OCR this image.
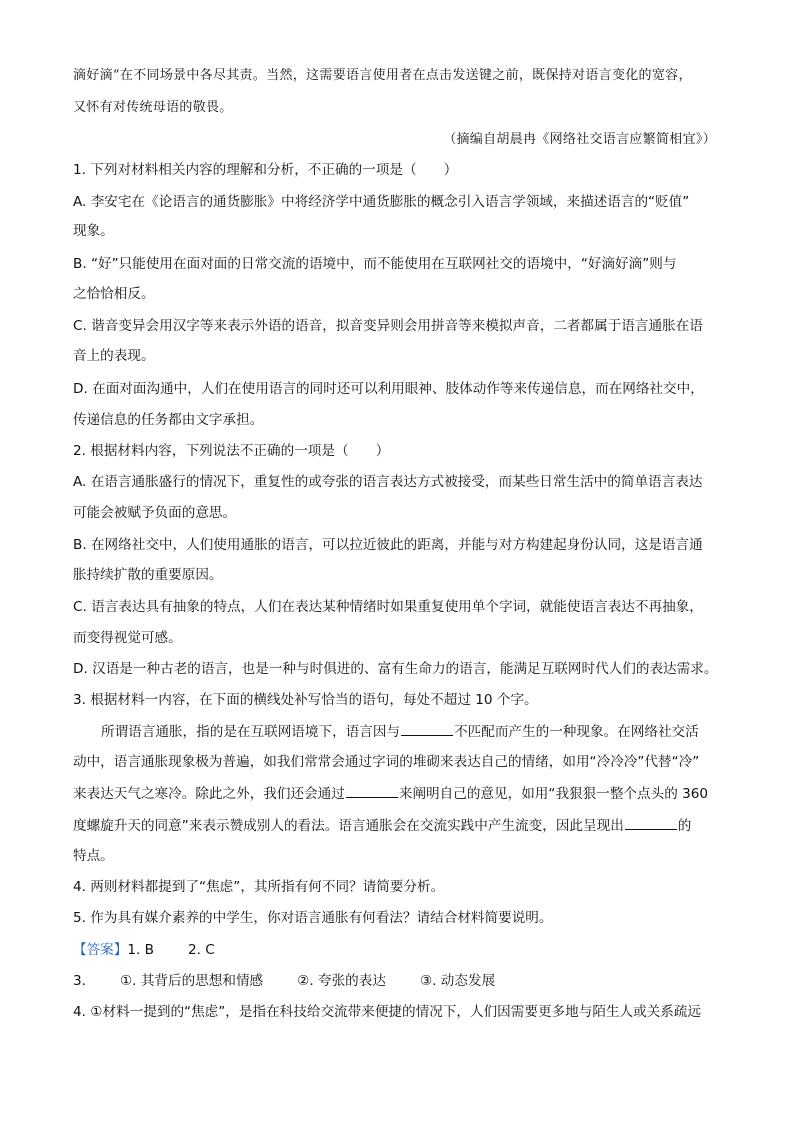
滴好滴”在不同场景中各尽其责。当然，这需要语言使用者在点击发送键之前，既保持对语言变化的宽容，
又怀有对传统母语的敬畏。
（摘编自胡晨冉《网络社交语言应繁简相宜》）
1. 下列对材料相关内容的理解和分析，不正确的一项是（　　）
A. 李安宅在《论语言的通货膨胀》中将经济学中通货膨胀的概念引入语言学领域，来描述语言的“贬值”
现象。
B. “好”只能使用在面对面的日常交流的语境中，而不能使用在互联网社交的语境中，“好滴好滴”则与
之恰恰相反。
C. 谐音变异会用汉字等来表示外语的语音，拟音变异则会用拼音等来模拟声音，二者都属于语言通胀在语
音上的表现。
D. 在面对面沟通中，人们在使用语言的同时还可以利用眼神、肢体动作等来传递信息，而在网络社交中，
传递信息的任务都由文字承担。
2. 根据材料内容，下列说法不正确的一项是（　　）
A. 在语言通胀盛行的情况下，重复性的或夸张的语言表达方式被接受，而某些日常生活中的简单语言表达
可能会被赋予负面的意思。
B. 在网络社交中，人们使用通胀的语言，可以拉近彼此的距离，并能与对方构建起身份认同，这是语言通
胀持续扩散的重要原因。
C. 语言表达具有抽象的特点，人们在表达某种情绪时如果重复使用单个字词，就能使语言表达不再抽象，
而变得视觉可感。
D. 汉语是一种古老的语言，也是一种与时俱进的、富有生命力的语言，能满足互联网时代人们的表达需求。
3. 根据材料一内容，在下面的横线处补写恰当的语句，每处不超过 10 个字。
所谓语言通胀，指的是在互联网语境下，语言因与	不匹配而产生的一种现象。在网络社交活
动中，语言通胀现象极为普遍，如我们常常会通过字词的堆砌来表达自己的情绪，如用“冷冷冷”代替“冷”
来表达天气之寒冷。除此之外，我们还会通过	来阐明自己的意见，如用“我狠狠一整个点头的 360
度螺旋升天的同意”来表示赞成别人的看法。语言通胀会在交流实践中产生流变，因此呈现出	的
特点。
4. 两则材料都提到了“焦虑”，其所指有何不同？请简要分析。
5. 作为具有媒介素养的中学生，你对语言通胀有何看法？请结合材料简要说明。
【答案】1. B	2. C
3.	①. 其背后的思想和情感	②. 夸张的表达	③. 动态发展
4. ①材料一提到的“焦虑”，是指在科技给交流带来便捷的情况下，人们因需要更多地与陌生人或关系疏远
